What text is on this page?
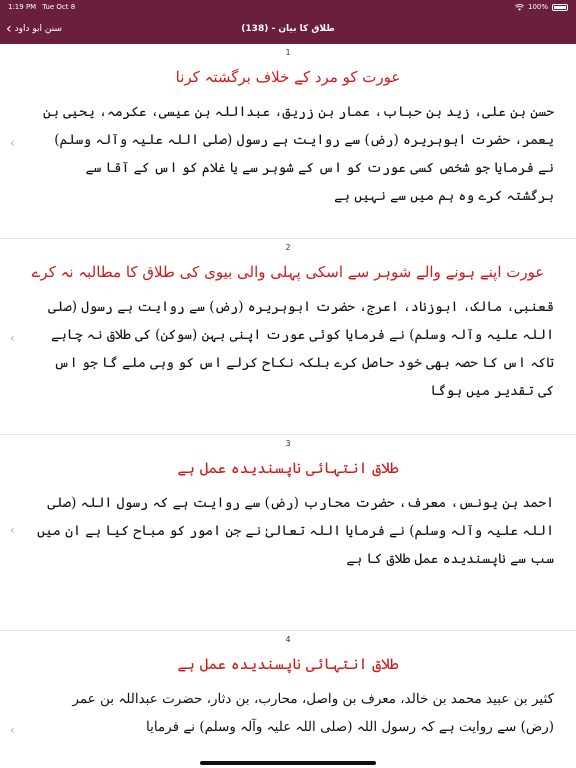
1:19 PM Tue Oct 8	100%
‹ سنن ابو داود	طلاق کا بیان - (138)
1
عورت کو مرد کے خلاف برگشتہ کرنا
حسن بن علی، زید بن حباب، عمار بن زریق، عبداللہ بن عیسی، عکرمہ، یحیی بن یعمر، حضرت ابوہریرہ (رض) سے روایت ہے رسول (صلی اللہ علیہ وآلہ وسلم) نے فرمایا جو شخص کسی عورت کو اس کے شوہر سے یا غلام کو اس کے آقا سے برگشتہ کرے وہ ہم میں سے نہیں ہے
‹
2
عورت اپنے ہونے والے شوہر سے اسکی پہلی والی بیوی کی طلاق کا مطالبہ نہ کرے
قعنبی، مالک، ابوزناد، اعرج، حضرت ابوہریرہ (رض) سے روایت ہے رسول (صلی اللہ علیہ وآلہ وسلم) نے فرمایا کوئی عورت اپنی بہن (سوکن) کی طلاق نہ چاہے تاکہ اس کا حصہ بھی خود حاصل کرے بلکہ نکاح کرلے اس کو وہی ملے گا جو اس کی تقدیر میں ہوگا
‹
3
طلاق انتہائی ناپسندیدہ عمل ہے
احمد بن یونس، معرف، حضرت محارب (رض) سے روایت ہے کہ رسول اللہ (صلی اللہ علیہ وآلہ وسلم) نے فرمایا اللہ تعالیٰ نے جن امور کو مباح کیا ہے ان میں سب سے ناپسندیدہ عمل طلاق کا ہے
‹
4
طلاق انتہائی ناپسندیدہ عمل ہے
کثیر بن عبید محمد بن خالد، معرف بن واصل، محارب، بن دثار، حضرت عبداللہ بن عمر (رض) سے روایت ہے کہ رسول اللہ (صلی اللہ علیہ وآلہ وسلم) نے فرمایا
‹
